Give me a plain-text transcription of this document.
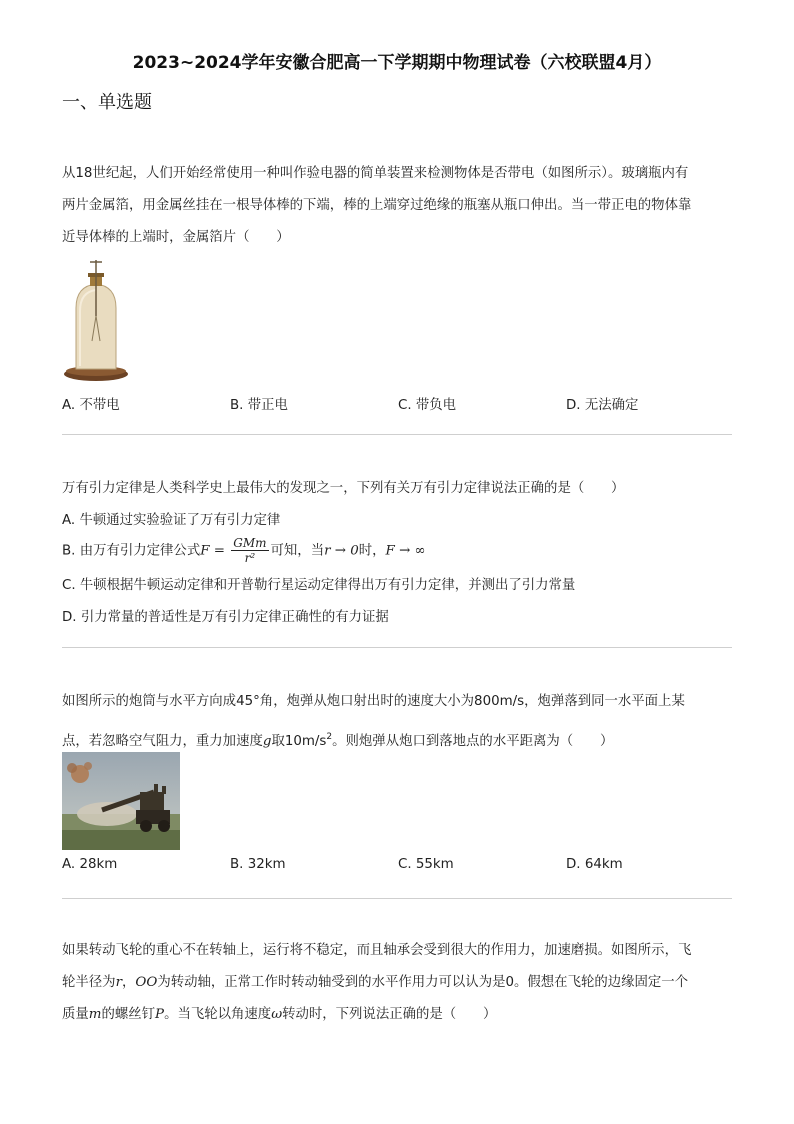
2023~2024学年安徽合肥高一下学期期中物理试卷（六校联盟4月）
一、单选题

从18世纪起，人们开始经常使用一种叫作验电器的简单装置来检测物体是否带电（如图所示）。玻璃瓶内有

两片金属箔，用金属丝挂在一根导体棒的下端，棒的上端穿过绝缘的瓶塞从瓶口伸出。当一带正电的物体靠

近导体棒的上端时，金属箔片（　　）

A. 不带电	B. 带正电	C. 带负电	D. 无法确定
万有引力定律是人类科学史上最伟大的发现之一，下列有关万有引力定律说法正确的是（　　）
A. 牛顿通过实验验证了万有引力定律
B. 由万有引力定律公式$F = \frac{\text{GMm}}{\text{r²}}$ 可知，当r → 0时，F → ∞
C. 牛顿根据牛顿运动定律和开普勒行星运动定律得出万有引力定律，并测出了引力常量
D. 引力常量的普适性是万有引力定律正确性的有力证据

如图所示的炮筒与水平方向成45°角，炮弹从炮口射出时的速度大小为800m/s，炮弹落到同一水平面上某

点，若忽略空气阻力，重力加速度g取$10m/s^2$。则炮弹从炮口到落地点的水平距离为（　　）

A. 28km	B. 32km	C. 55km	D. 64km

如果转动飞轮的重心不在转轴上，运行将不稳定，而且轴承会受到很大的作用力，加速磨损。如图所示，飞

轮半径为r，OO为转动轴，正常工作时转动轴受到的水平作用力可以认为是0。假想在飞轮的边缘固定一个

质量m的螺丝钉P。当飞轮以角速度ω转动时，下列说法正确的是（　　）
